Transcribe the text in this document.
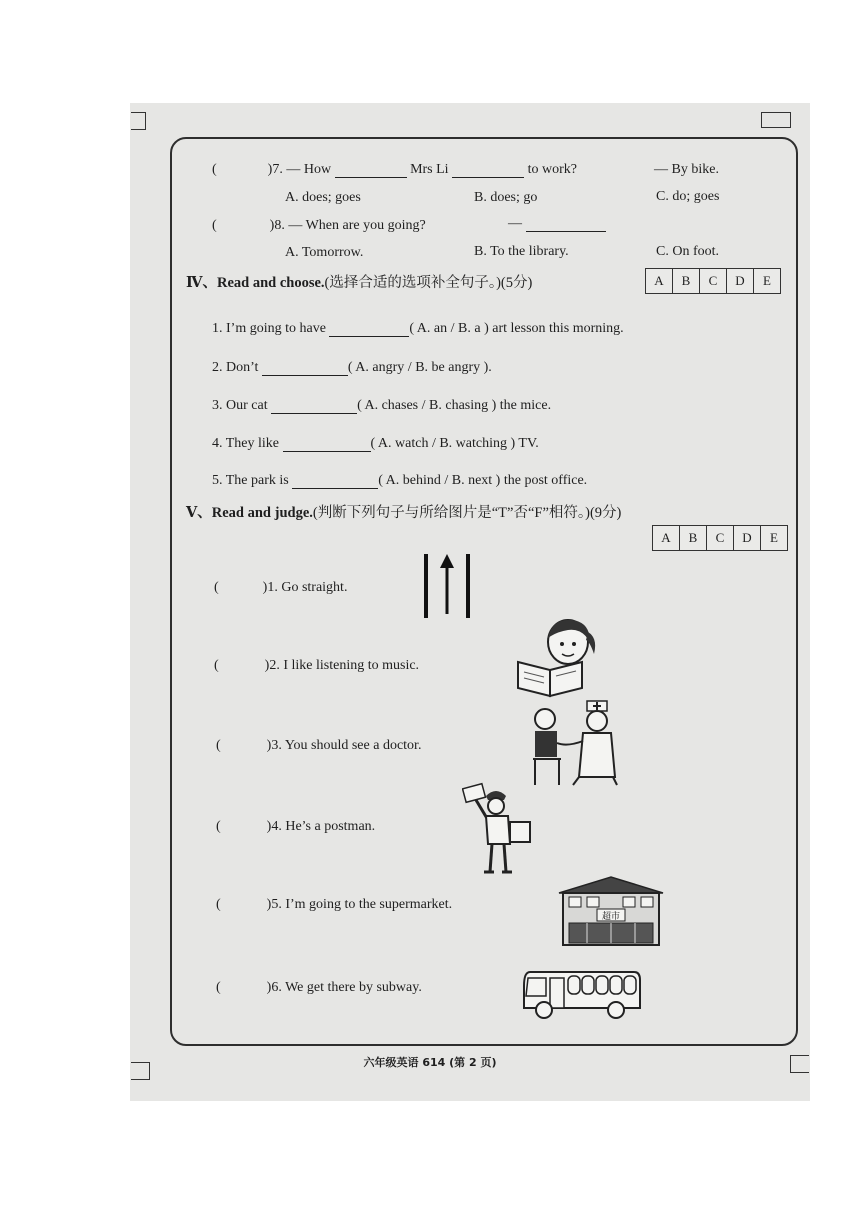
(	)7. — How	Mrs Li	to work?	— By bike.
A. does; goes	B. does; go	C. do; goes
(	)8. — When are you going?	—
A. Tomorrow.	B. To the library.	C. On foot.
Ⅳ、Read and choose.(选择合适的选项补全句子。)(5分)	A	B	C	D	E
1. I’m going to have	( A. an / B. a ) art lesson this morning.
2. Don’t	( A. angry / B. be angry ).
3. Our cat	( A. chases / B. chasing ) the mice.
4. They like	( A. watch / B. watching ) TV.
5. The park is	( A. behind / B. next ) the post office.
Ⅴ、Read and judge.(判断下列句子与所给图片是“T”否“F”相符。)(9分)
A	B	C	D	E
(	)1. Go straight.
(	)2. I like listening to music.
(	)3. You should see a doctor.
(	)4. He’s a postman.
(	)5. I’m going to the supermarket.
(	)6. We get there by subway.
超市
六年级英语 614 (第 2 页)
